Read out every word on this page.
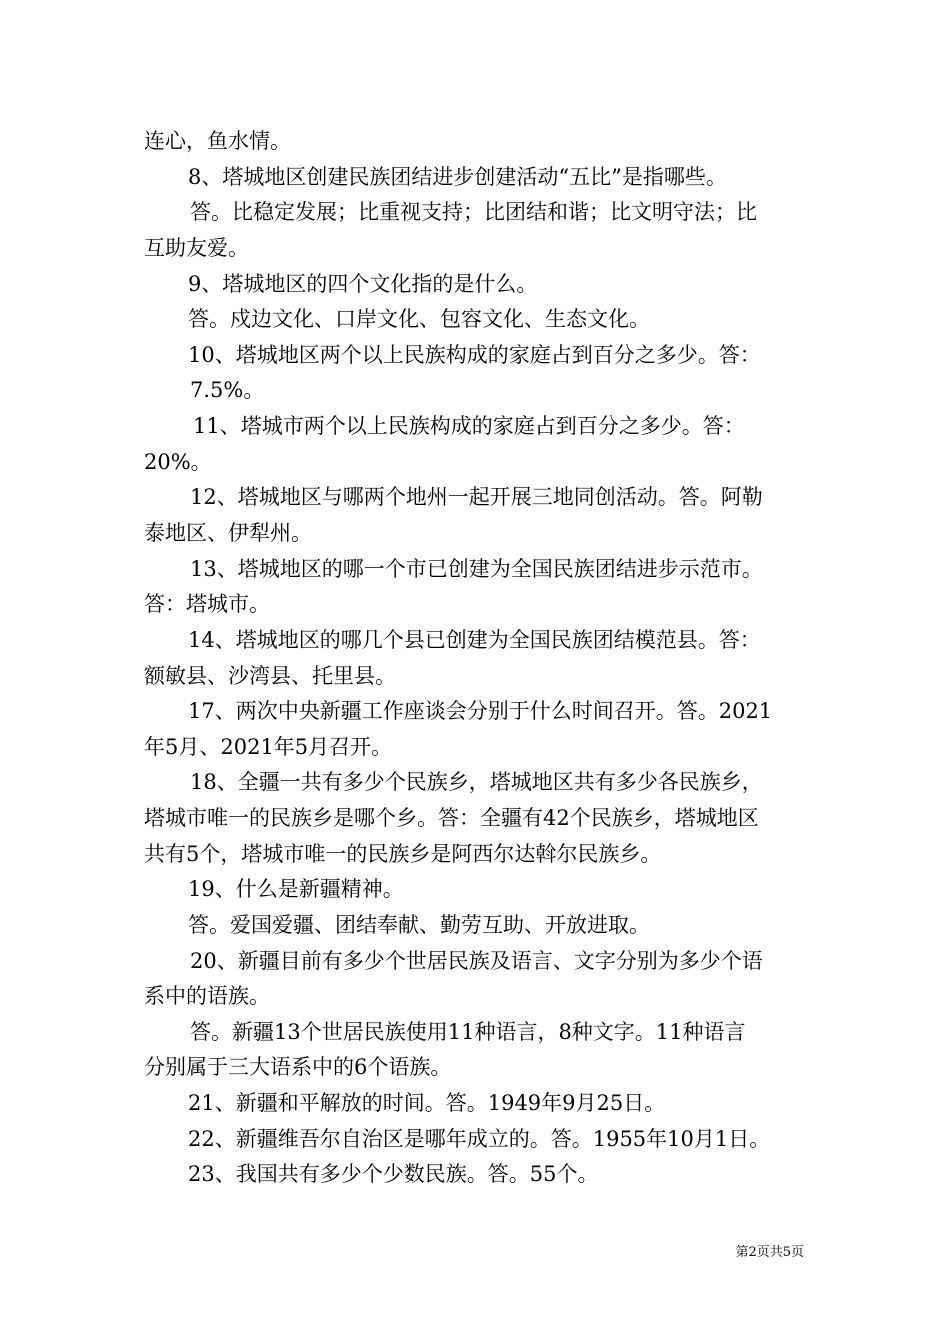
连心，鱼水情。
8、塔城地区创建民族团结进步创建活动“五比”是指哪些。
答。比稳定发展；比重视支持；比团结和谐；比文明守法；比
互助友爱。
9、塔城地区的四个文化指的是什么。
答。戍边文化、口岸文化、包容文化、生态文化。
10、塔城地区两个以上民族构成的家庭占到百分之多少。答：
7.5%。
11、塔城市两个以上民族构成的家庭占到百分之多少。答：
20%。
12、塔城地区与哪两个地州一起开展三地同创活动。答。阿勒
泰地区、伊犁州。
13、塔城地区的哪一个市已创建为全国民族团结进步示范市。
答：塔城市。
14、塔城地区的哪几个县已创建为全国民族团结模范县。答：
额敏县、沙湾县、托里县。
17、两次中央新疆工作座谈会分别于什么时间召开。答。2021
年5月、2021年5月召开。
18、全疆一共有多少个民族乡，塔城地区共有多少各民族乡，
塔城市唯一的民族乡是哪个乡。答：全疆有42个民族乡，塔城地区
共有5个，塔城市唯一的民族乡是阿西尔达斡尔民族乡。
19、什么是新疆精神。
答。爱国爱疆、团结奉献、勤劳互助、开放进取。
20、新疆目前有多少个世居民族及语言、文字分别为多少个语
系中的语族。
答。新疆13个世居民族使用11种语言，8种文字。11种语言
分别属于三大语系中的6个语族。
21、新疆和平解放的时间。答。1949年9月25日。
22、新疆维吾尔自治区是哪年成立的。答。1955年10月1日。
23、我国共有多少个少数民族。答。55个。
第2页共5页
